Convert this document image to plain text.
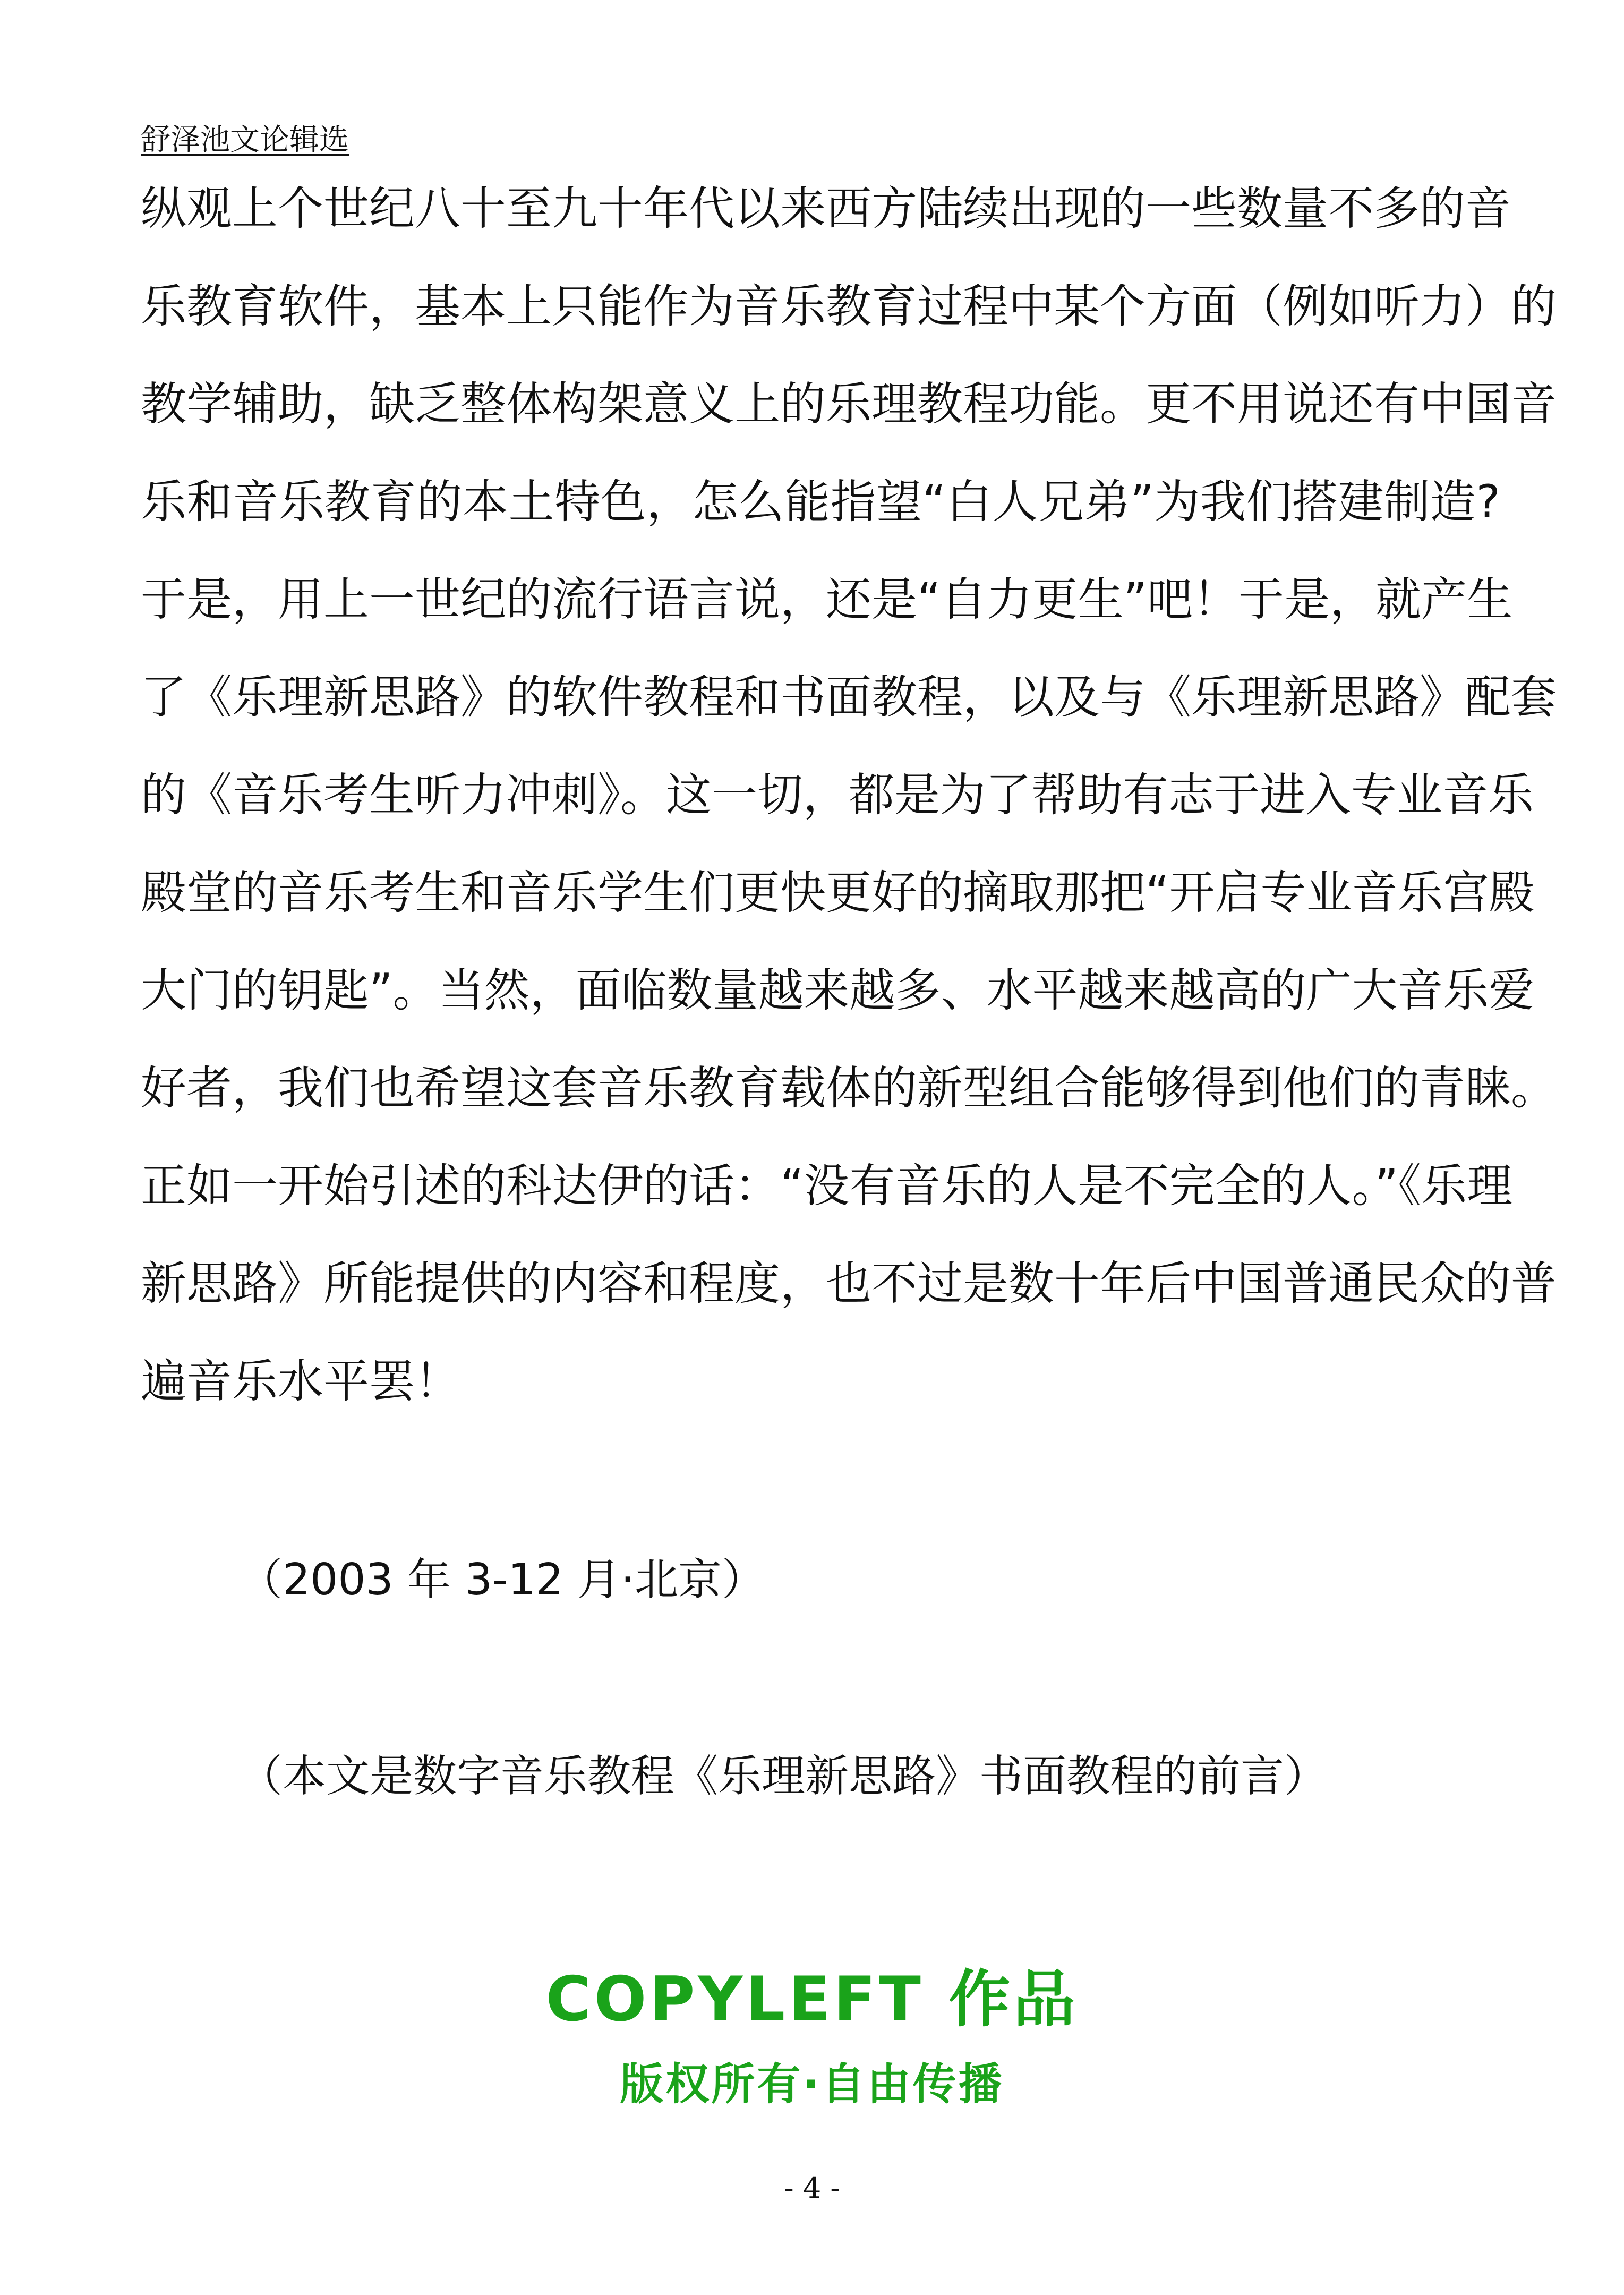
舒泽池文论辑选
纵观上个世纪八十至九十年代以来西方陆续出现的一些数量不多的音
乐教育软件，基本上只能作为音乐教育过程中某个方面（例如听力）的
教学辅助，缺乏整体构架意义上的乐理教程功能。更不用说还有中国音
乐和音乐教育的本土特色，怎么能指望“白人兄弟”为我们搭建制造?
于是，用上一世纪的流行语言说，还是“自力更生”吧！于是，就产生
了《乐理新思路》的软件教程和书面教程，以及与《乐理新思路》配套
的《音乐考生听力冲刺》。这一切，都是为了帮助有志于进入专业音乐
殿堂的音乐考生和音乐学生们更快更好的摘取那把“开启专业音乐宫殿
大门的钥匙”。当然，面临数量越来越多、水平越来越高的广大音乐爱
好者，我们也希望这套音乐教育载体的新型组合能够得到他们的青睐。
正如一开始引述的科达伊的话：“没有音乐的人是不完全的人。”《乐理
新思路》所能提供的内容和程度，也不过是数十年后中国普通民众的普
遍音乐水平罢！
（2003 年 3-12 月·北京）
（本文是数字音乐教程《乐理新思路》书面教程的前言）
COPYLEFT 作品
版权所有·自由传播
- 4 -
